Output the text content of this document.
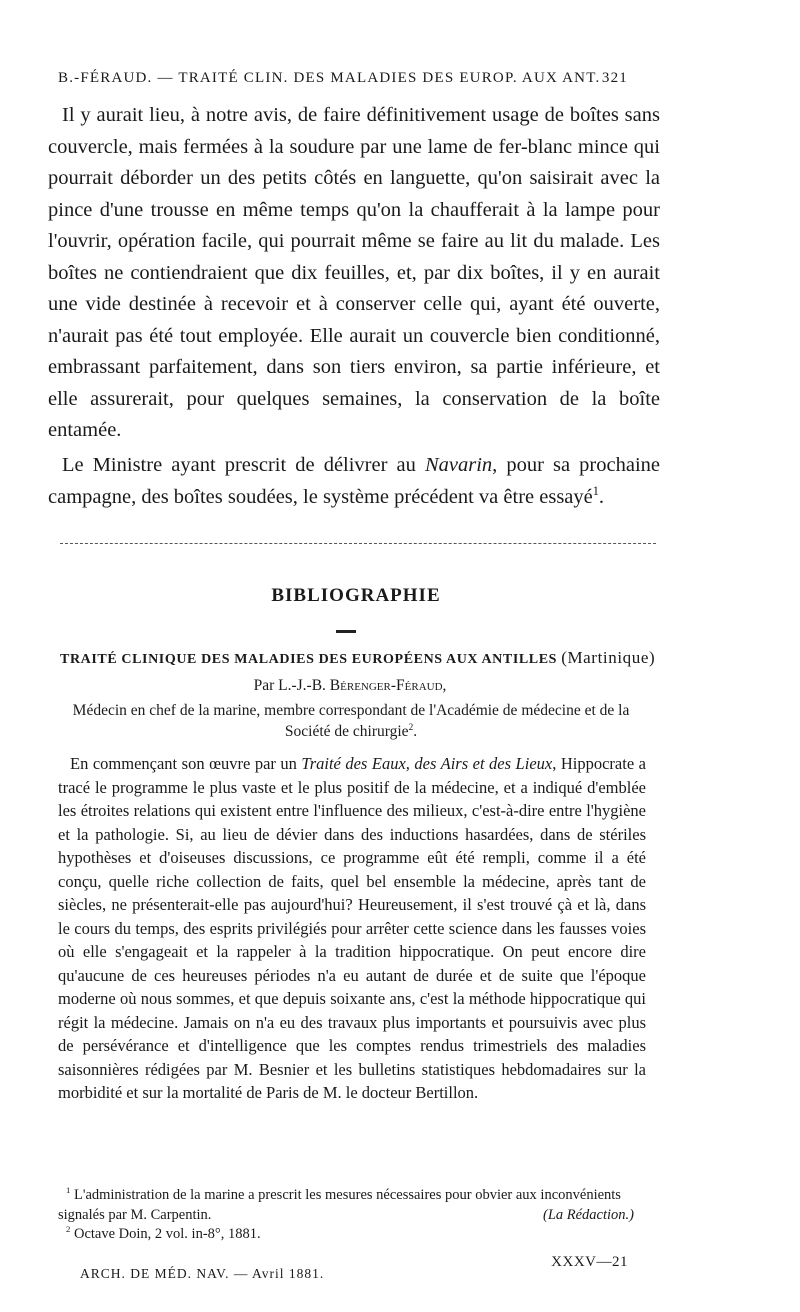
B.-FÉRAUD. — TRAITÉ CLIN. DES MALADIES DES EUROP. AUX ANT. 321

Il y aurait lieu, à notre avis, de faire définitivement usage de boîtes sans couvercle, mais fermées à la soudure par une lame de fer-blanc mince qui pourrait déborder un des petits côtés en languette, qu'on saisirait avec la pince d'une trousse en même temps qu'on la chaufferait à la lampe pour l'ouvrir, opération facile, qui pourrait même se faire au lit du malade. Les boîtes ne contiendraient que dix feuilles, et, par dix boîtes, il y en aurait une vide destinée à recevoir et à conserver celle qui, ayant été ouverte, n'aurait pas été tout employée. Elle aurait un couvercle bien conditionné, embrassant parfaitement, dans son tiers environ, sa partie inférieure, et elle assurerait, pour quelques semaines, la conservation de la boîte entamée.

Le Ministre ayant prescrit de délivrer au Navarin, pour sa prochaine campagne, des boîtes soudées, le système précédent va être essayé$^1$.

BIBLIOGRAPHIE
TRAITÉ CLINIQUE DES MALADIES DES EUROPÉENS AUX ANTILLES (Martinique)
Par L.-J.-B. Bérenger-Féraud,
Médecin en chef de la marine, membre correspondant de l'Académie de médecine et de la Société de chirurgie$^2$.

En commençant son œuvre par un Traité des Eaux, des Airs et des Lieux, Hippocrate a tracé le programme le plus vaste et le plus positif de la médecine, et a indiqué d'emblée les étroites relations qui existent entre l'influence des milieux, c'est-à-dire entre l'hygiène et la pathologie. Si, au lieu de dévier dans des inductions hasardées, dans de stériles hypothèses et d'oiseuses discussions, ce programme eût été rempli, comme il a été conçu, quelle riche collection de faits, quel bel ensemble la médecine, après tant de siècles, ne présenterait-elle pas aujourd'hui? Heureusement, il s'est trouvé çà et là, dans le cours du temps, des esprits privilégiés pour arrêter cette science dans les fausses voies où elle s'engageait et la rappeler à la tradition hippocratique. On peut encore dire qu'aucune de ces heureuses périodes n'a eu autant de durée et de suite que l'époque moderne où nous sommes, et que depuis soixante ans, c'est la méthode hippocratique qui régit la médecine. Jamais on n'a eu des travaux plus importants et poursuivis avec plus de persévérance et d'intelligence que les comptes rendus trimestriels des maladies saisonnières rédigées par M. Besnier et les bulletins statistiques hebdomadaires sur la morbidité et sur la mortalité de Paris de M. le docteur Bertillon.

$^1$ L'administration de la marine a prescrit les mesures nécessaires pour obvier aux inconvénients signalés par M. Carpentin.	(La Rédaction.)
$^2$ Octave Doin, 2 vol. in-8°, 1881.
ARCH. DE MÉD. NAV. — Avril 1881.
XXXV—21
